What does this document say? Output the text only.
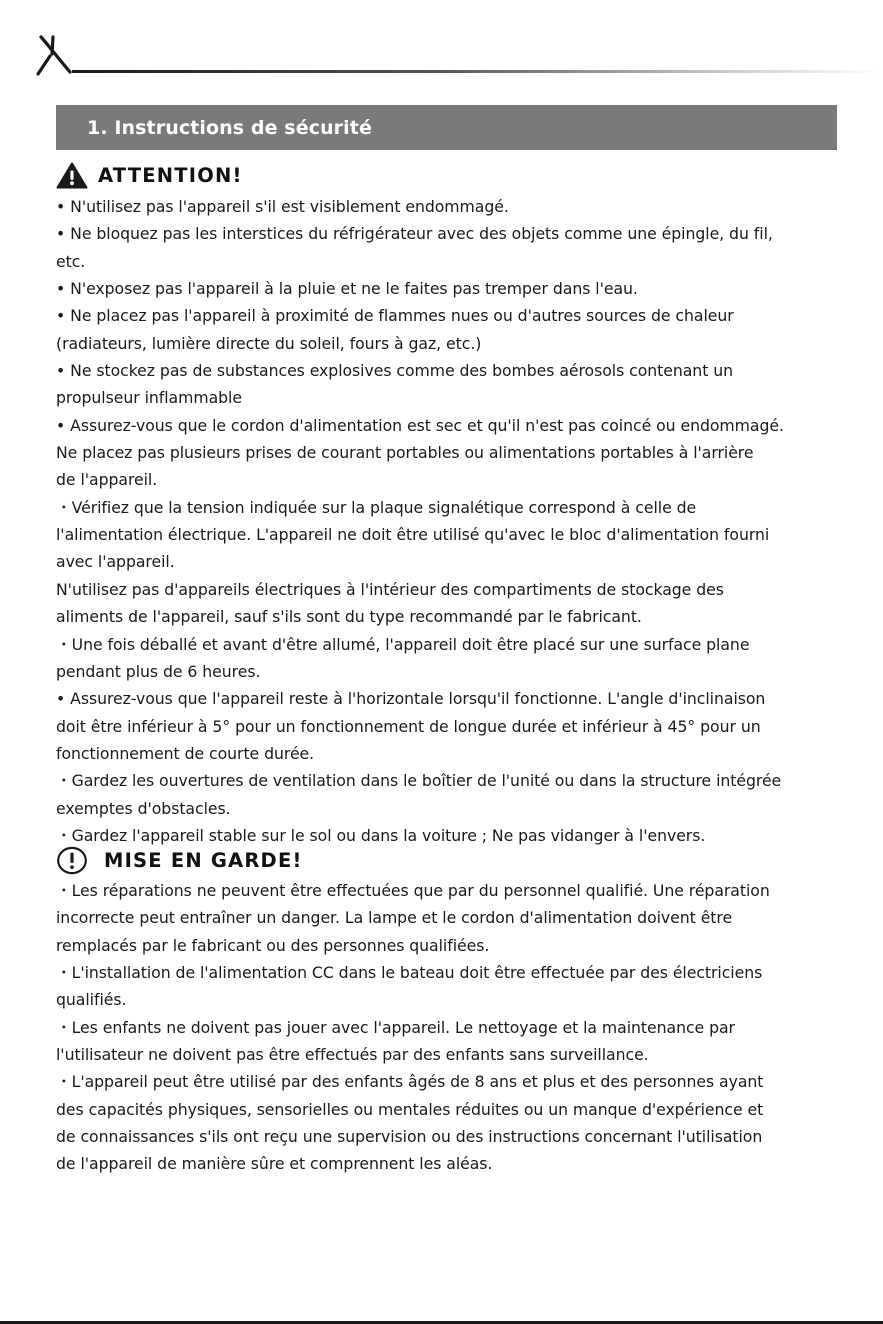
1. Instructions de sécurité
ATTENTION!
• N'utilisez pas l'appareil s'il est visiblement endommagé.
• Ne bloquez pas les interstices du réfrigérateur avec des objets comme une épingle, du fil,
etc.
• N'exposez pas l'appareil à la pluie et ne le faites pas tremper dans l'eau.
• Ne placez pas l'appareil à proximité de flammes nues ou d'autres sources de chaleur
(radiateurs, lumière directe du soleil, fours à gaz, etc.)
• Ne stockez pas de substances explosives comme des bombes aérosols contenant un
propulseur inflammable
• Assurez-vous que le cordon d'alimentation est sec et qu'il n'est pas coincé ou endommagé.
Ne placez pas plusieurs prises de courant portables ou alimentations portables à l'arrière
de l'appareil.
・Vérifiez que la tension indiquée sur la plaque signalétique correspond à celle de
l'alimentation électrique. L'appareil ne doit être utilisé qu'avec le bloc d'alimentation fourni
avec l'appareil.
N'utilisez pas d'appareils électriques à l'intérieur des compartiments de stockage des
aliments de l'appareil, sauf s'ils sont du type recommandé par le fabricant.
・Une fois déballé et avant d'être allumé, l'appareil doit être placé sur une surface plane
pendant plus de 6 heures.
• Assurez-vous que l'appareil reste à l'horizontale lorsqu'il fonctionne. L'angle d'inclinaison
doit être inférieur à 5° pour un fonctionnement de longue durée et inférieur à 45° pour un
fonctionnement de courte durée.
・Gardez les ouvertures de ventilation dans le boîtier de l'unité ou dans la structure intégrée
exemptes d'obstacles.
・Gardez l'appareil stable sur le sol ou dans la voiture ; Ne pas vidanger à l'envers.
MISE EN GARDE!
・Les réparations ne peuvent être effectuées que par du personnel qualifié. Une réparation
incorrecte peut entraîner un danger. La lampe et le cordon d'alimentation doivent être
remplacés par le fabricant ou des personnes qualifiées.
・L'installation de l'alimentation CC dans le bateau doit être effectuée par des électriciens
qualifiés.
・Les enfants ne doivent pas jouer avec l'appareil. Le nettoyage et la maintenance par
l'utilisateur ne doivent pas être effectués par des enfants sans surveillance.
・L'appareil peut être utilisé par des enfants âgés de 8 ans et plus et des personnes ayant
des capacités physiques, sensorielles ou mentales réduites ou un manque d'expérience et
de connaissances s'ils ont reçu une supervision ou des instructions concernant l'utilisation
de l'appareil de manière sûre et comprennent les aléas.
